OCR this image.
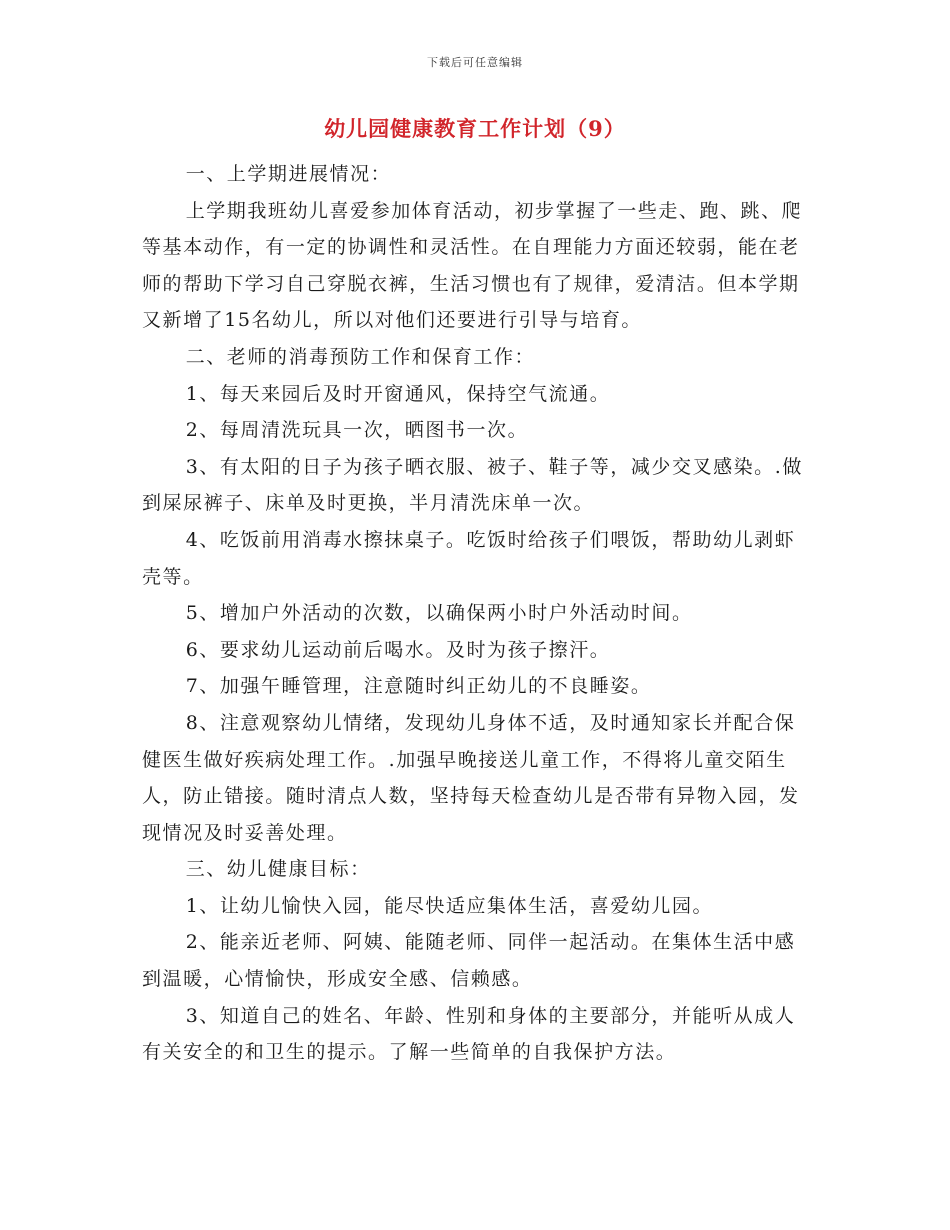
下载后可任意编辑
幼儿园健康教育工作计划（9）

一、上学期进展情况：

上学期我班幼儿喜爱参加体育活动，初步掌握了一些走、跑、跳、爬等基本动作，有一定的协调性和灵活性。在自理能力方面还较弱，能在老师的帮助下学习自己穿脱衣裤，生活习惯也有了规律，爱清洁。但本学期又新增了15名幼儿，所以对他们还要进行引导与培育。

二、老师的消毒预防工作和保育工作：

1、每天来园后及时开窗通风，保持空气流通。

2、每周清洗玩具一次，晒图书一次。

3、有太阳的日子为孩子晒衣服、被子、鞋子等，减少交叉感染。.做到屎尿裤子、床单及时更换，半月清洗床单一次。

4、吃饭前用消毒水擦抹桌子。吃饭时给孩子们喂饭，帮助幼儿剥虾壳等。

5、增加户外活动的次数，以确保两小时户外活动时间。

6、要求幼儿运动前后喝水。及时为孩子擦汗。

7、加强午睡管理，注意随时纠正幼儿的不良睡姿。

8、注意观察幼儿情绪，发现幼儿身体不适，及时通知家长并配合保健医生做好疾病处理工作。.加强早晚接送儿童工作，不得将儿童交陌生人，防止错接。随时清点人数，坚持每天检查幼儿是否带有异物入园，发现情况及时妥善处理。

三、幼儿健康目标：

1、让幼儿愉快入园，能尽快适应集体生活，喜爱幼儿园。

2、能亲近老师、阿姨、能随老师、同伴一起活动。在集体生活中感到温暖，心情愉快，形成安全感、信赖感。

3、知道自己的姓名、年龄、性别和身体的主要部分，并能听从成人有关安全的和卫生的提示。了解一些简单的自我保护方法。
